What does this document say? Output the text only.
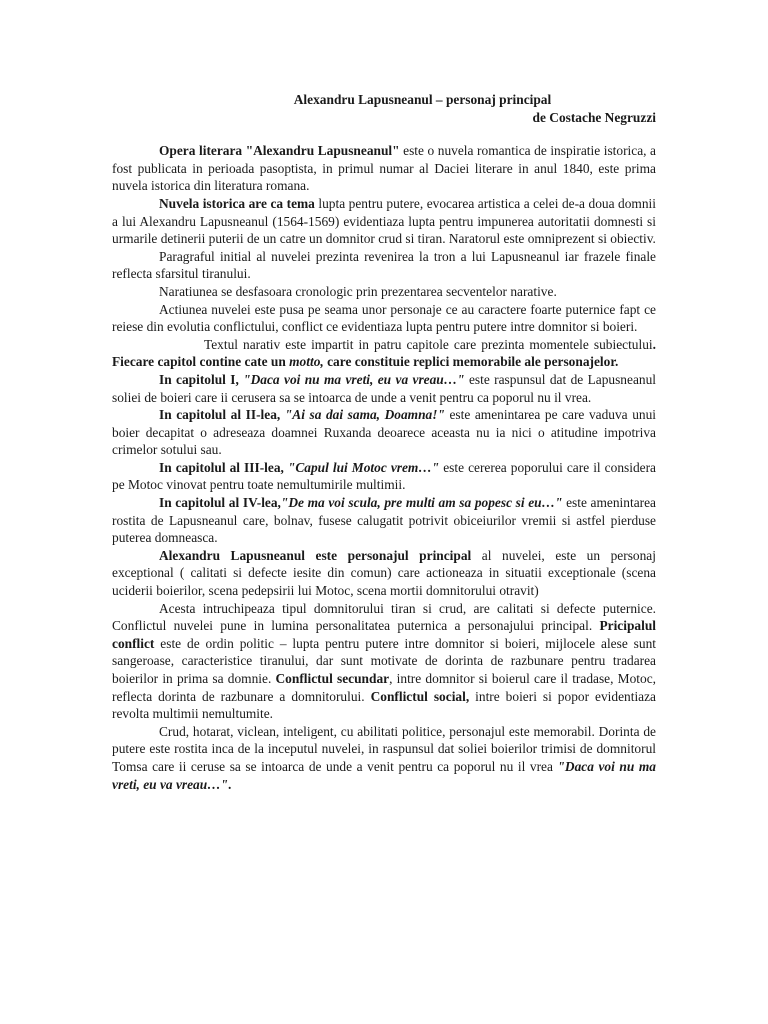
Alexandru Lapusneanul – personaj principal

de Costache Negruzzi

Opera literara "Alexandru Lapusneanul" este o nuvela romantica de inspiratie istorica, a fost publicata in perioada pasoptista, in primul numar al Daciei literare in anul 1840, este prima nuvela istorica din literatura romana.

Nuvela istorica are ca tema lupta pentru putere, evocarea artistica a celei de-a doua domnii a lui Alexandru Lapusneanul (1564-1569) evidentiaza lupta pentru impunerea autoritatii domnesti si urmarile detinerii puterii de un catre un domnitor crud si tiran. Naratorul este omniprezent si obiectiv.

Paragraful initial al nuvelei prezinta revenirea la tron a lui Lapusneanul iar frazele finale reflecta sfarsitul tiranului.

Naratiunea se desfasoara cronologic prin prezentarea secventelor narative.

Actiunea nuvelei este pusa pe seama unor personaje ce au caractere foarte puternice fapt ce reiese din evolutia conflictului, conflict ce evidentiaza lupta pentru putere intre domnitor si boieri.

Textul narativ este impartit in patru capitole care prezinta momentele subiectului. Fiecare capitol contine cate un motto, care constituie replici memorabile ale personajelor.

In capitolul I, "Daca voi nu ma vreti, eu va vreau…" este raspunsul dat de Lapusneanul soliei de boieri care ii cerusera sa se intoarca de unde a venit pentru ca poporul nu il vrea.

In capitolul al II-lea, "Ai sa dai sama, Doamna!" este amenintarea pe care vaduva unui boier decapitat o adreseaza doamnei Ruxanda deoarece aceasta nu ia nici o atitudine impotriva crimelor sotului sau.

In capitolul al III-lea, "Capul lui Motoc vrem…" este cererea poporului care il considera pe Motoc vinovat pentru toate nemultumirile multimii.

In capitolul al IV-lea,"De ma voi scula, pre multi am sa popesc si eu…" este amenintarea rostita de Lapusneanul care, bolnav, fusese calugatit potrivit obiceiurilor vremii si astfel pierduse puterea domneasca.

Alexandru Lapusneanul este personajul principal al nuvelei, este un personaj exceptional ( calitati si defecte iesite din comun) care actioneaza in situatii exceptionale (scena uciderii boierilor, scena pedepsirii lui Motoc, scena mortii domnitorului otravit)

Acesta intruchipeaza tipul domnitorului tiran si crud, are calitati si defecte puternice. Conflictul nuvelei pune in lumina personalitatea puternica a personajului principal. Pricipalul conflict este de ordin politic – lupta pentru putere intre domnitor si boieri, mijlocele alese sunt sangeroase, caracteristice tiranului, dar sunt motivate de dorinta de razbunare pentru tradarea boierilor in prima sa domnie. Conflictul secundar, intre domnitor si boierul care il tradase, Motoc, reflecta dorinta de razbunare a domnitorului. Conflictul social, intre boieri si popor evidentiaza revolta multimii nemultumite.

Crud, hotarat, viclean, inteligent, cu abilitati politice, personajul este memorabil. Dorinta de putere este rostita inca de la inceputul nuvelei, in raspunsul dat soliei boierilor trimisi de domnitorul Tomsa care ii ceruse sa se intoarca de unde a venit pentru ca poporul nu il vrea "Daca voi nu ma vreti, eu va vreau…".
